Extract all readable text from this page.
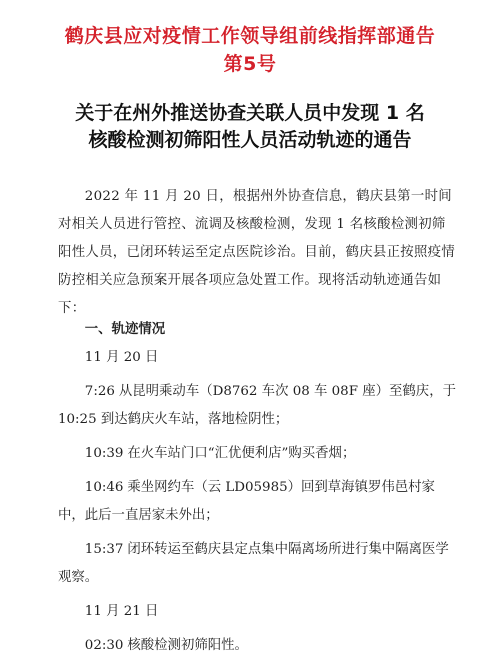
鹤庆县应对疫情工作领导组前线指挥部通告
第5号
关于在州外推送协查关联人员中发现 1 名
核酸检测初筛阳性人员活动轨迹的通告
2022 年 11 月 20 日，根据州外协查信息，鹤庆县第一时间对相关人员进行管控、流调及核酸检测，发现 1 名核酸检测初筛阳性人员，已闭环转运至定点医院诊治。目前，鹤庆县正按照疫情防控相关应急预案开展各项应急处置工作。现将活动轨迹通告如下：
一、轨迹情况
11 月 20 日
7:26 从昆明乘动车（D8762 车次 08 车 08F 座）至鹤庆，于 10:25 到达鹤庆火车站，落地检阴性；
10:39 在火车站门口“汇优便利店”购买香烟；
10:46 乘坐网约车（云 LD05985）回到草海镇罗伟邑村家中，此后一直居家未外出；
15:37 闭环转运至鹤庆县定点集中隔离场所进行集中隔离医学观察。
11 月 21 日
02:30 核酸检测初筛阳性。
